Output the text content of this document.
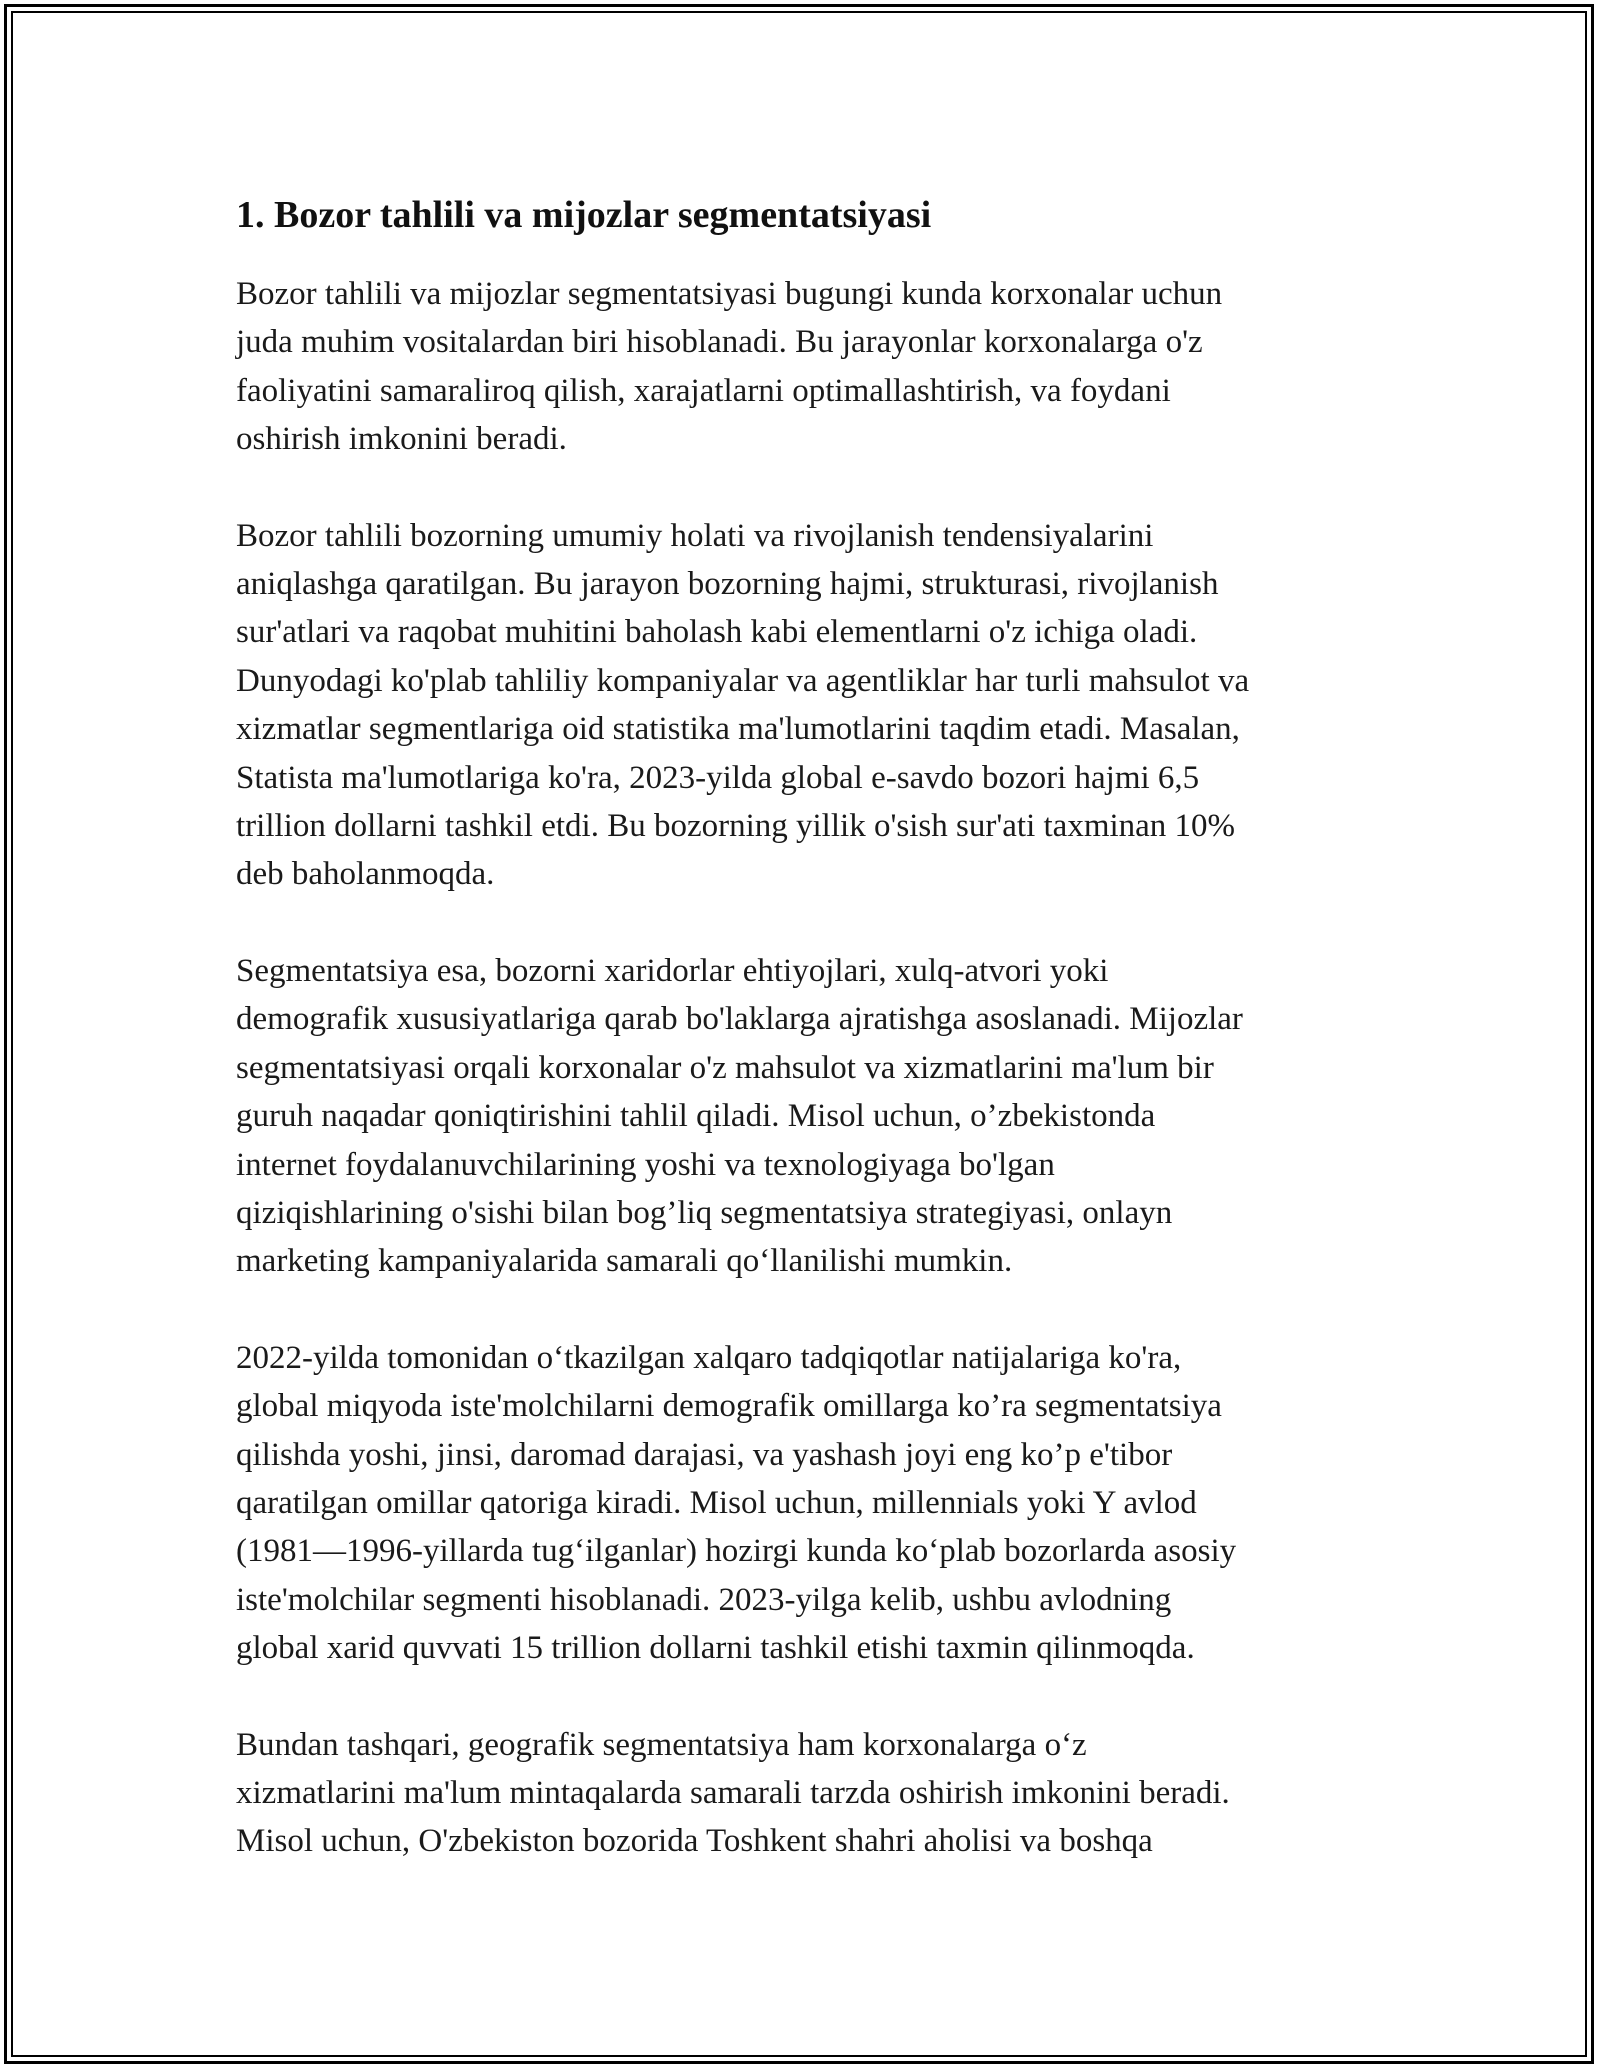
1. Bozor tahlili va mijozlar segmentatsiyasi

Bozor tahlili va mijozlar segmentatsiyasi bugungi kunda korxonalar uchun
juda muhim vositalardan biri hisoblanadi. Bu jarayonlar korxonalarga o'z
faoliyatini samaraliroq qilish, xarajatlarni optimallashtirish, va foydani
oshirish imkonini beradi.

Bozor tahlili bozorning umumiy holati va rivojlanish tendensiyalarini
aniqlashga qaratilgan. Bu jarayon bozorning hajmi, strukturasi, rivojlanish
sur'atlari va raqobat muhitini baholash kabi elementlarni o'z ichiga oladi.
Dunyodagi ko'plab tahliliy kompaniyalar va agentliklar har turli mahsulot va
xizmatlar segmentlariga oid statistika ma'lumotlarini taqdim etadi. Masalan,
Statista ma'lumotlariga ko'ra, 2023-yilda global e-savdo bozori hajmi 6,5
trillion dollarni tashkil etdi. Bu bozorning yillik o'sish sur'ati taxminan 10%
deb baholanmoqda.

Segmentatsiya esa, bozorni xaridorlar ehtiyojlari, xulq-atvori yoki
demografik xususiyatlariga qarab bo'laklarga ajratishga asoslanadi. Mijozlar
segmentatsiyasi orqali korxonalar o'z mahsulot va xizmatlarini ma'lum bir
guruh naqadar qoniqtirishini tahlil qiladi. Misol uchun, o’zbekistonda
internet foydalanuvchilarining yoshi va texnologiyaga bo'lgan
qiziqishlarining o'sishi bilan bog’liq segmentatsiya strategiyasi, onlayn
marketing kampaniyalarida samarali qo‘llanilishi mumkin.

2022-yilda tomonidan o‘tkazilgan xalqaro tadqiqotlar natijalariga ko'ra,
global miqyoda iste'molchilarni demografik omillarga ko’ra segmentatsiya
qilishda yoshi, jinsi, daromad darajasi, va yashash joyi eng ko’p e'tibor
qaratilgan omillar qatoriga kiradi. Misol uchun, millennials yoki Y avlod
(1981—1996-yillarda tug‘ilganlar) hozirgi kunda ko‘plab bozorlarda asosiy
iste'molchilar segmenti hisoblanadi. 2023-yilga kelib, ushbu avlodning
global xarid quvvati 15 trillion dollarni tashkil etishi taxmin qilinmoqda.

Bundan tashqari, geografik segmentatsiya ham korxonalarga o‘z
xizmatlarini ma'lum mintaqalarda samarali tarzda oshirish imkonini beradi.
Misol uchun, O'zbekiston bozorida Toshkent shahri aholisi va boshqa
